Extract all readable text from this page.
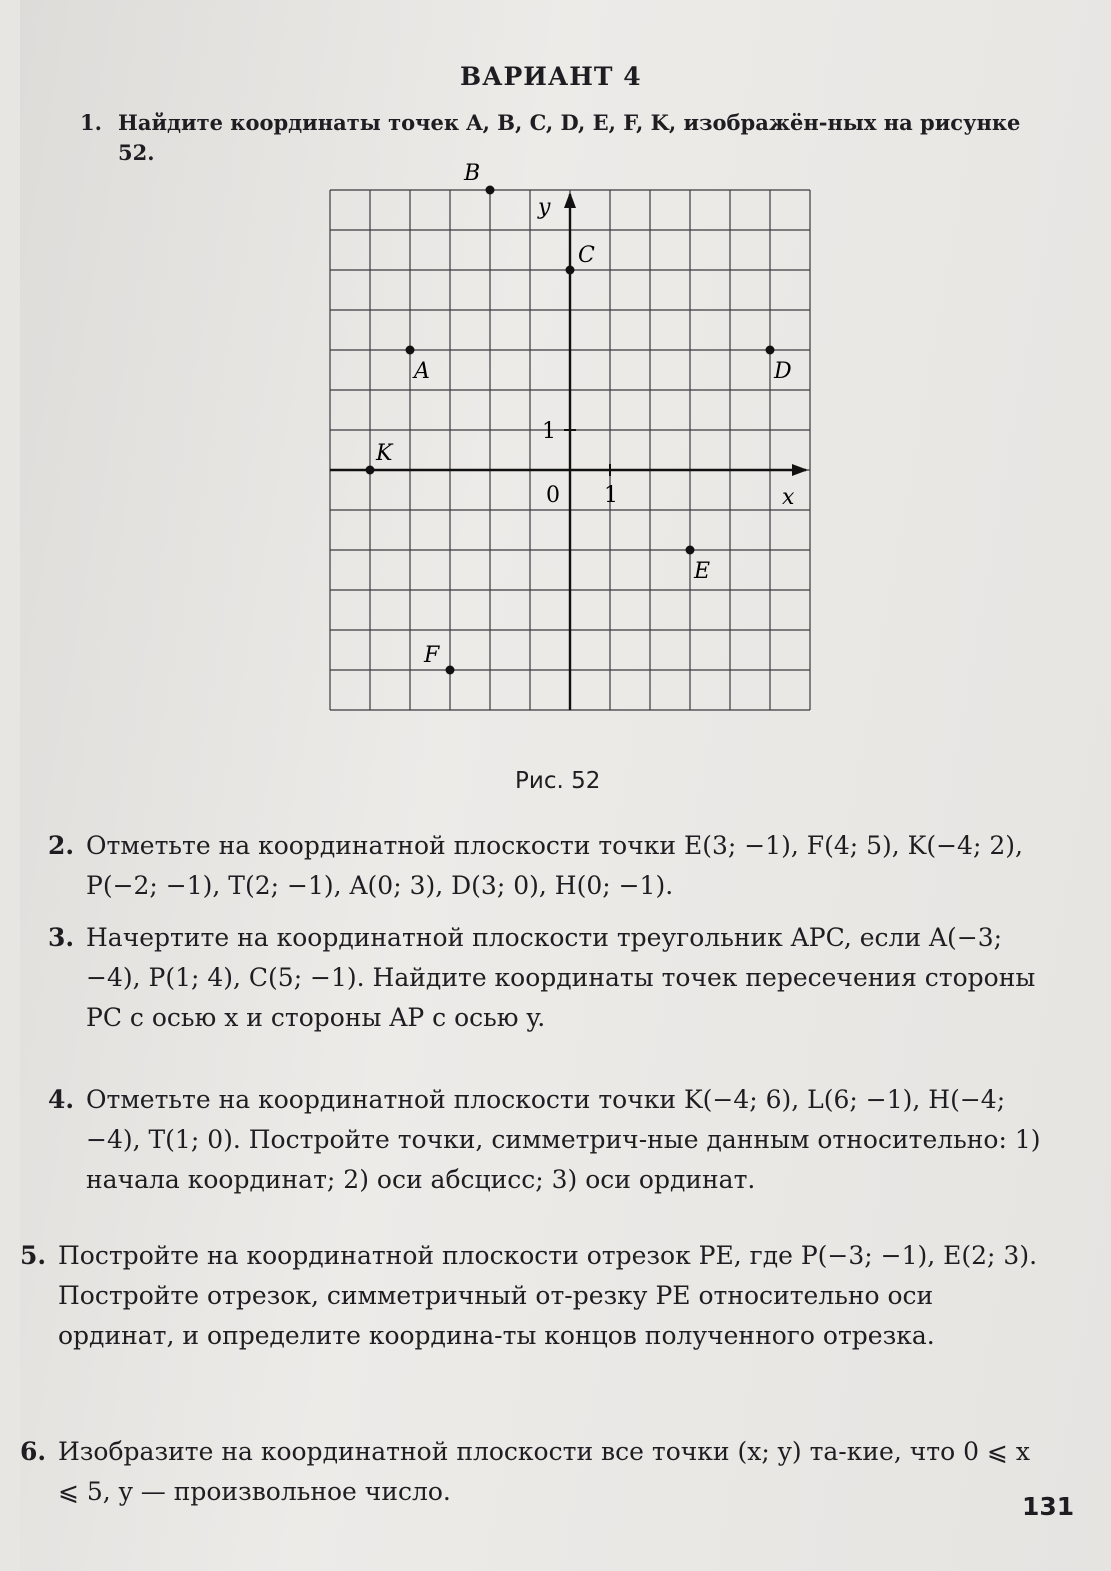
ВАРИАНТ 4
1. Найдите координаты точек A, B, C, D, E, F, K, изображён-ных на рисунке 52.
x
y
0 1
1
B
C
A	D
K
E
F
Рис. 52
2. Отметьте на координатной плоскости точки E(3; −1), F(4; 5), K(−4; 2), P(−2; −1), T(2; −1), A(0; 3), D(3; 0), H(0; −1).
3. Начертите на координатной плоскости треугольник APC, если A(−3; −4), P(1; 4), C(5; −1). Найдите координаты точек пересечения стороны PC с осью x и стороны AP с осью y.
4. Отметьте на координатной плоскости точки K(−4; 6), L(6; −1), H(−4; −4), T(1; 0). Постройте точки, симметрич-ные данным относительно: 1) начала координат; 2) оси абсцисс; 3) оси ординат.
5. Постройте на координатной плоскости отрезок PE, где P(−3; −1), E(2; 3). Постройте отрезок, симметричный от-резку PE относительно оси ординат, и определите координа-ты концов полученного отрезка.
6. Изобразите на координатной плоскости все точки (x; y) та-кие, что 0 ⩽ x ⩽ 5, y — произвольное число.
131
